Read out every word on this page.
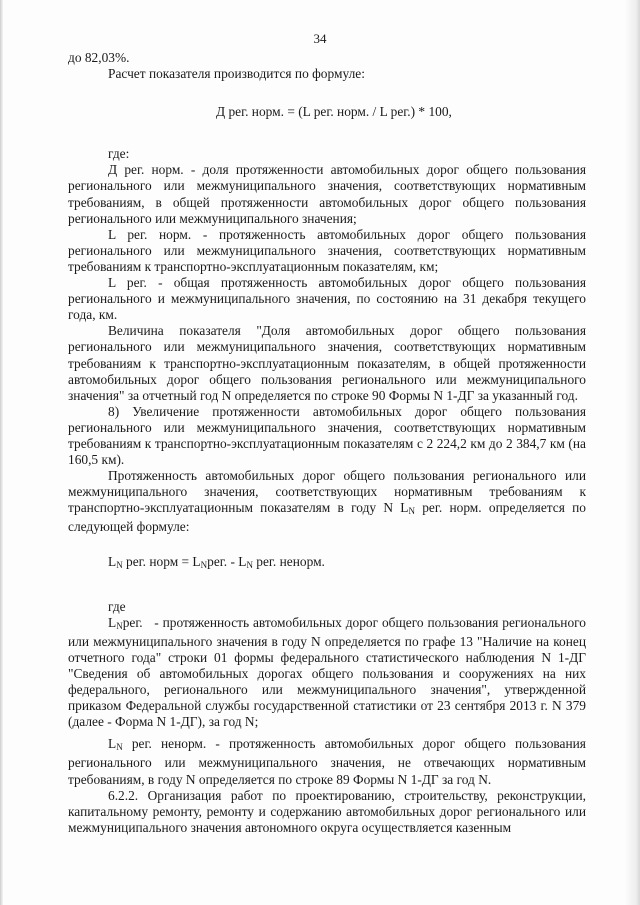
34

до 82,03%.

Расчет показателя производится по формуле:

Д рег. норм. = (L рег. норм. / L рег.) * 100,

где:

Д рег. норм. - доля протяженности автомобильных дорог общего пользования регионального или межмуниципального значения, соответствующих нормативным требованиям, в общей протяженности автомобильных дорог общего пользования регионального или межмуниципального значения;

L рег. норм. - протяженность автомобильных дорог общего пользования регионального или межмуниципального значения, соответствующих нормативным требованиям к транспортно-эксплуатационным показателям, км;

L рег. - общая протяженность автомобильных дорог общего пользования регионального и межмуниципального значения, по состоянию на 31 декабря текущего года, км.

Величина показателя "Доля автомобильных дорог общего пользования регионального или межмуниципального значения, соответствующих нормативным требованиям к транспортно-эксплуатационным показателям, в общей протяженности автомобильных дорог общего пользования регионального или межмуниципального значения" за отчетный год N определяется по строке 90 Формы N 1-ДГ за указанный год.

8) Увеличение протяженности автомобильных дорог общего пользования регионального или межмуниципального значения, соответствующих нормативным требованиям к транспортно-эксплуатационным показателям с 2 224,2 км до 2 384,7 км (на 160,5 км).

Протяженность автомобильных дорог общего пользования регионального или межмуниципального значения, соответствующих нормативным требованиям к транспортно-эксплуатационным показателям в году N $L_N$ рег. норм. определяется по следующей формуле:

$L_N$ рег. норм = $L_Nрег$. - $L_N$ рег. ненорм.

где

$L_Nрег$. - протяженность автомобильных дорог общего пользования регионального или межмуниципального значения в году N определяется по графе 13 "Наличие на конец отчетного года" строки 01 формы федерального статистического наблюдения N 1-ДГ "Сведения об автомобильных дорогах общего пользования и сооружениях на них федерального, регионального или межмуниципального значения", утвержденной приказом Федеральной службы государственной статистики от 23 сентября 2013 г. N 379 (далее - Форма N 1-ДГ), за год N;

$L_N$ рег. ненорм. - протяженность автомобильных дорог общего пользования регионального или межмуниципального значения, не отвечающих нормативным требованиям, в году N определяется по строке 89 Формы N 1-ДГ за год N.

6.2.2. Организация работ по проектированию, строительству, реконструкции, капитальному ремонту, ремонту и содержанию автомобильных дорог регионального или межмуниципального значения автономного округа осуществляется казенным
